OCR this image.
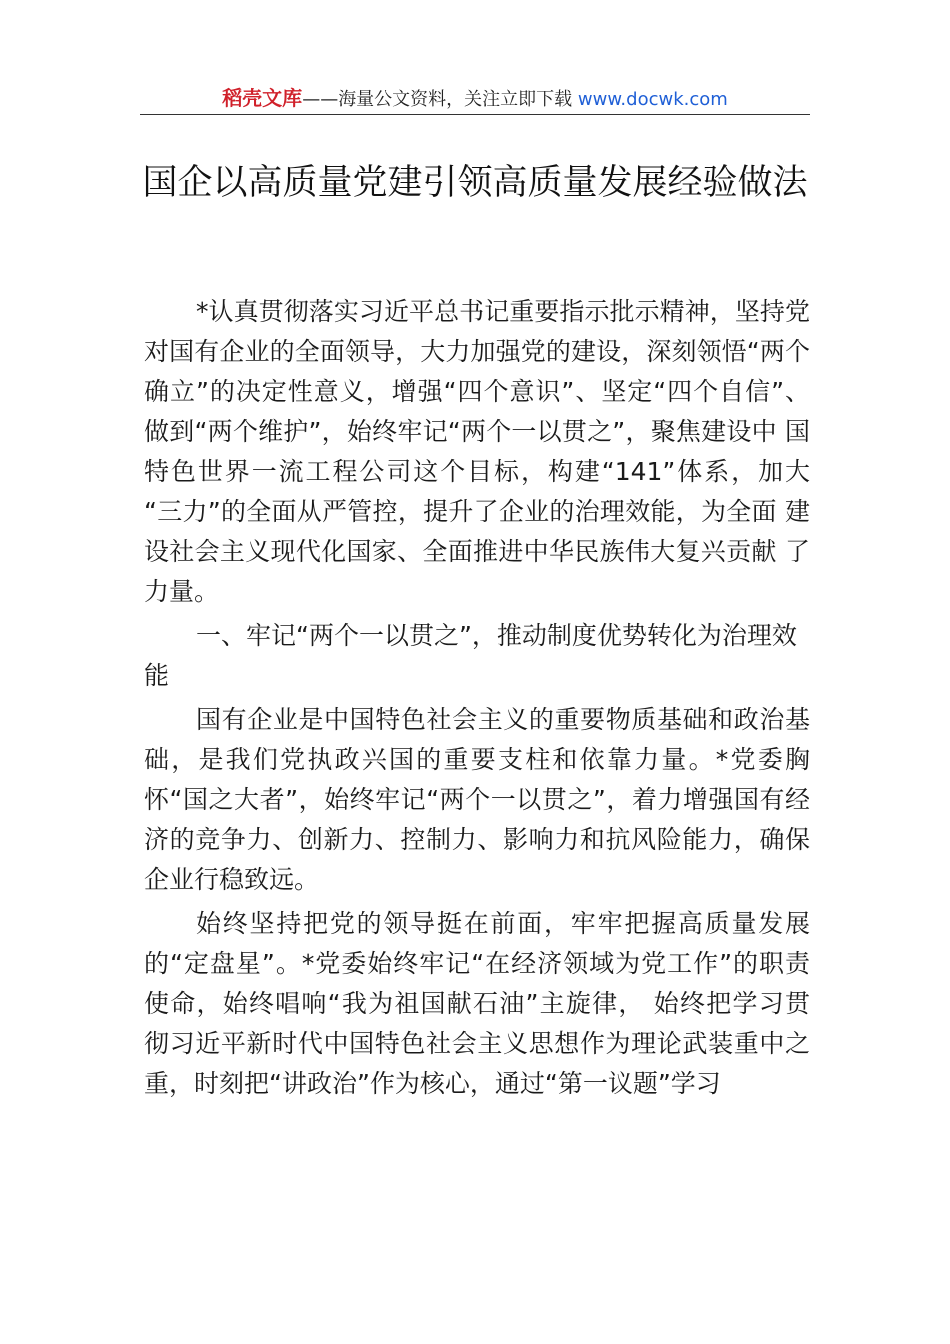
稻壳文库——海量公文资料，关注立即下载 www.docwk.com
国企以高质量党建引领高质量发展经验做法

*认真贯彻落实习近平总书记重要指示批示精神，坚持党对国有企业的全面领导，大力加强党的建设，深刻领悟“两个确立”的决定性意义，增强“四个意识”、坚定“四个自信”、 做到“两个维护”，始终牢记“两个一以贯之”，聚焦建设中 国特色世界一流工程公司这个目标，构建“141”体系，加大 “三力”的全面从严管控，提升了企业的治理效能，为全面 建设社会主义现代化国家、全面推进中华民族伟大复兴贡献 了力量。

一、牢记“两个一以贯之”，推动制度优势转化为治理效能

国有企业是中国特色社会主义的重要物质基础和政治基础，是我们党执政兴国的重要支柱和依靠力量。*党委胸怀“国之大者”，始终牢记“两个一以贯之”，着力增强国有经 济的竞争力、创新力、控制力、影响力和抗风险能力，确保企业行稳致远。

始终坚持把党的领导挺在前面，牢牢把握高质量发展的“定盘星”。*党委始终牢记“在经济领域为党工作”的职责 使命，始终唱响“我为祖国献石油”主旋律， 始终把学习贯 彻习近平新时代中国特色社会主义思想作为理论武装重中之重，时刻把“讲政治”作为核心，通过“第一议题”学习
